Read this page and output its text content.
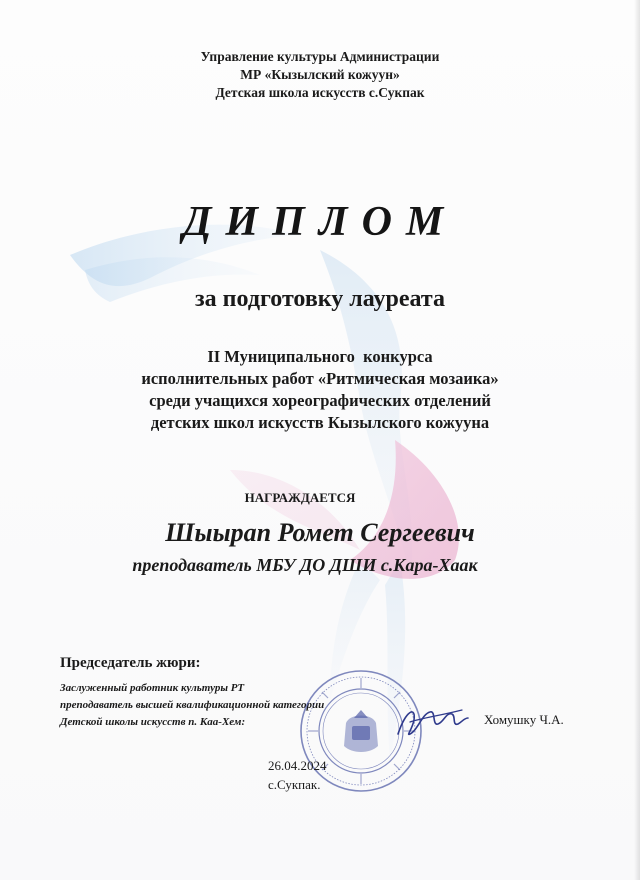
Управление культуры Администрации
МР «Кызылский кожуун»
Детская школа искусств с.Сукпак
ДИПЛОМ
за подготовку лауреата
II Муниципального  конкурса
исполнительных работ «Ритмическая мозаика»
среди учащихся хореографических отделений
детских школ искусств Кызылского кожууна
НАГРАЖДАЕТСЯ
Шыырап Ромет Сергеевич
преподаватель МБУ ДО ДШИ с.Кара-Хаак
Председатель жюри:
Заслуженный работник культуры РТ
преподаватель высшей квалификационной категории
Детской школы искусств п. Каа-Хем:	Хомушку Ч.А.
26.04.2024
с.Сукпак.
